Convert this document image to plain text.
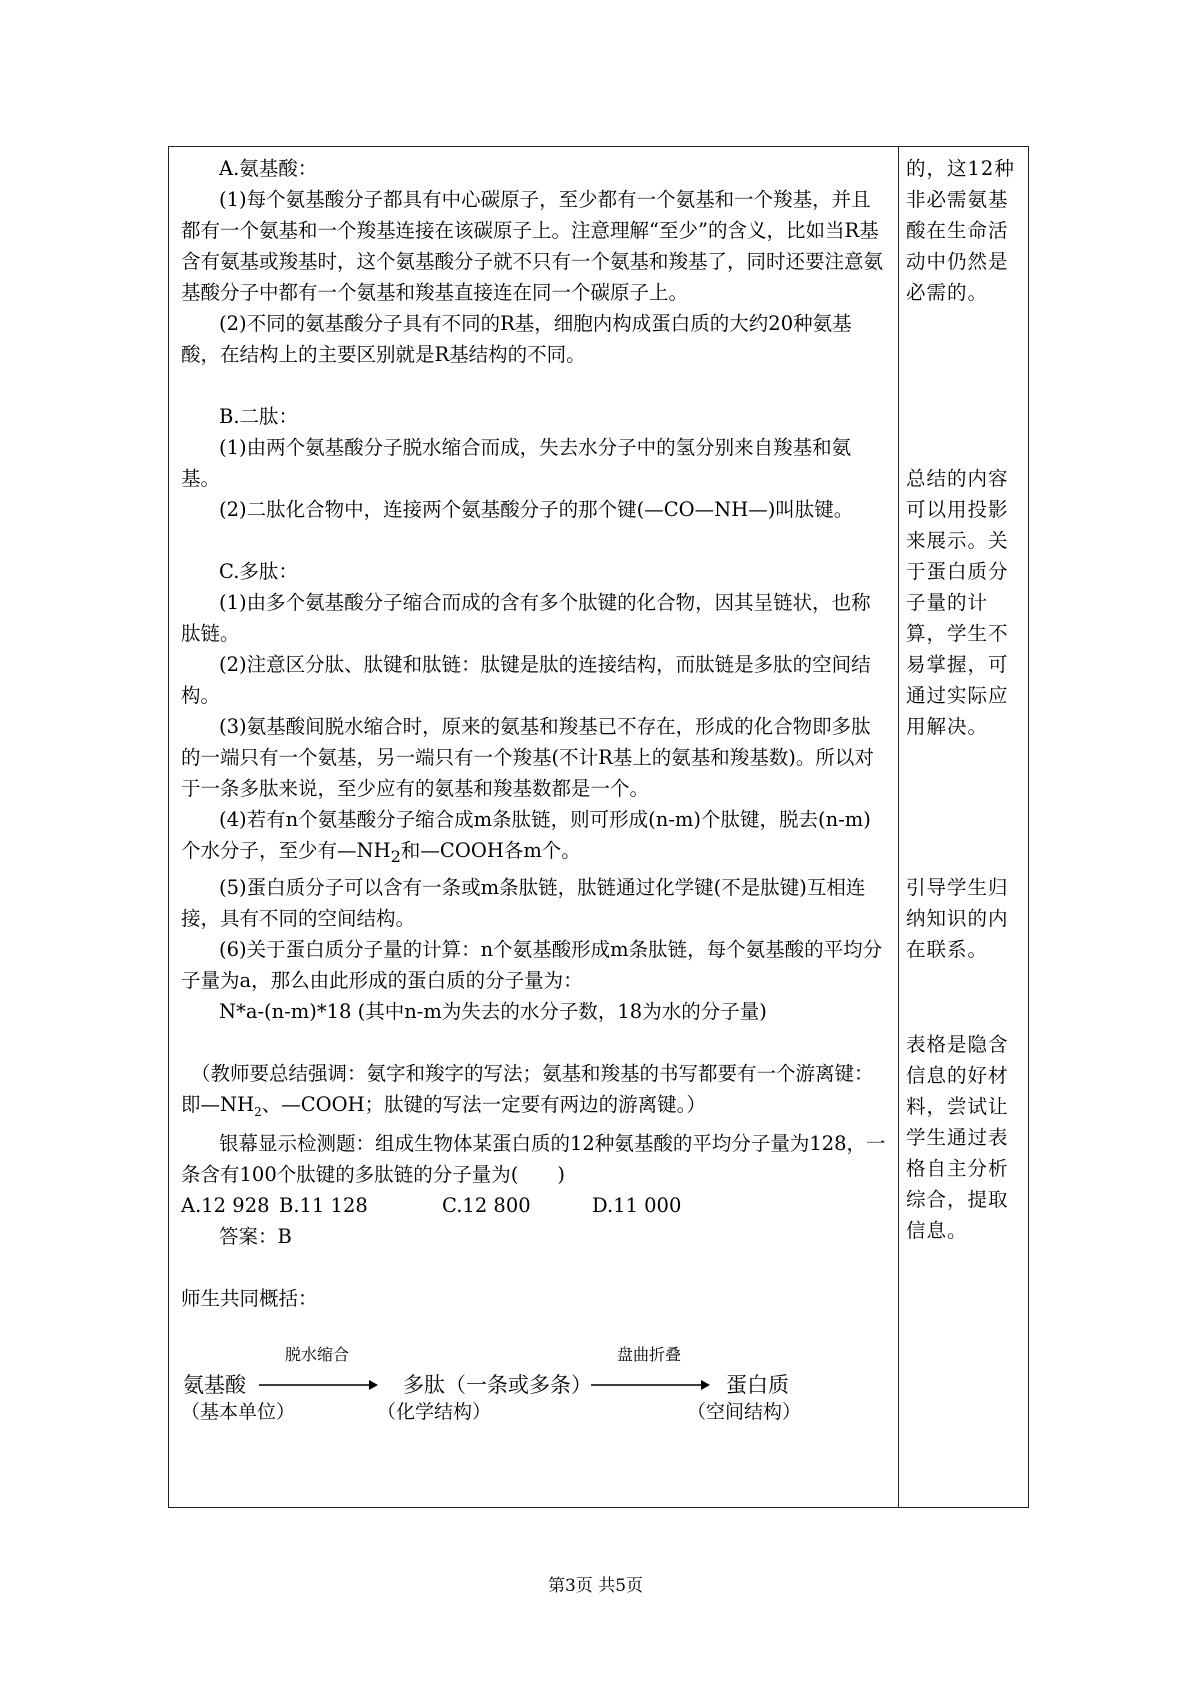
A.氨基酸：

(1)每个氨基酸分子都具有中心碳原子，至少都有一个氨基和一个羧基，并且都有一个氨基和一个羧基连接在该碳原子上。注意理解“至少”的含义，比如当R基含有氨基或羧基时，这个氨基酸分子就不只有一个氨基和羧基了，同时还要注意氨基酸分子中都有一个氨基和羧基直接连在同一个碳原子上。

(2)不同的氨基酸分子具有不同的R基，细胞内构成蛋白质的大约20种氨基酸，在结构上的主要区别就是R基结构的不同。

B.二肽：

(1)由两个氨基酸分子脱水缩合而成，失去水分子中的氢分别来自羧基和氨基。

(2)二肽化合物中，连接两个氨基酸分子的那个键(—CO—NH—)叫肽键。

C.多肽：

(1)由多个氨基酸分子缩合而成的含有多个肽键的化合物，因其呈链状，也称肽链。

(2)注意区分肽、肽键和肽链：肽键是肽的连接结构，而肽链是多肽的空间结构。

(3)氨基酸间脱水缩合时，原来的氨基和羧基已不存在，形成的化合物即多肽的一端只有一个氨基，另一端只有一个羧基(不计R基上的氨基和羧基数)。所以对于一条多肽来说，至少应有的氨基和羧基数都是一个。

(4)若有n个氨基酸分子缩合成m条肽链，则可形成(n-m)个肽键，脱去(n-m)个水分子，至少有$—NH_2$和—COOH各m个。

(5)蛋白质分子可以含有一条或m条肽链，肽链通过化学键(不是肽键)互相连接，具有不同的空间结构。

(6)关于蛋白质分子量的计算：n个氨基酸形成m条肽链，每个氨基酸的平均分子量为a，那么由此形成的蛋白质的分子量为：

N*a-(n-m)*18 (其中n-m为失去的水分子数，18为水的分子量)

（教师要总结强调：氨字和羧字的写法；氨基和羧基的书写都要有一个游离键：即$—NH_2$、—COOH；肽键的写法一定要有两边的游离键。）

银幕显示检测题：组成生物体某蛋白质的12种氨基酸的平均分子量为128，一条含有100个肽键的多肽链的分子量为(　　)

A.12 928 B.11 128	C.12 800	D.11 000

答案：B

师生共同概括：

脱水缩合	盘曲折叠
氨基酸	多肽（一条或多条）	蛋白质
（基本单位）	（化学结构）	（空间结构）
的，这12种非必需氨基酸在生命活动中仍然是必需的。
总结的内容可以用投影来展示。关于蛋白质分子量的计算，学生不易掌握，可通过实际应用解决。
引导学生归纳知识的内在联系。
表格是隐含信息的好材料，尝试让学生通过表格自主分析综合，提取信息。
第3页 共5页
